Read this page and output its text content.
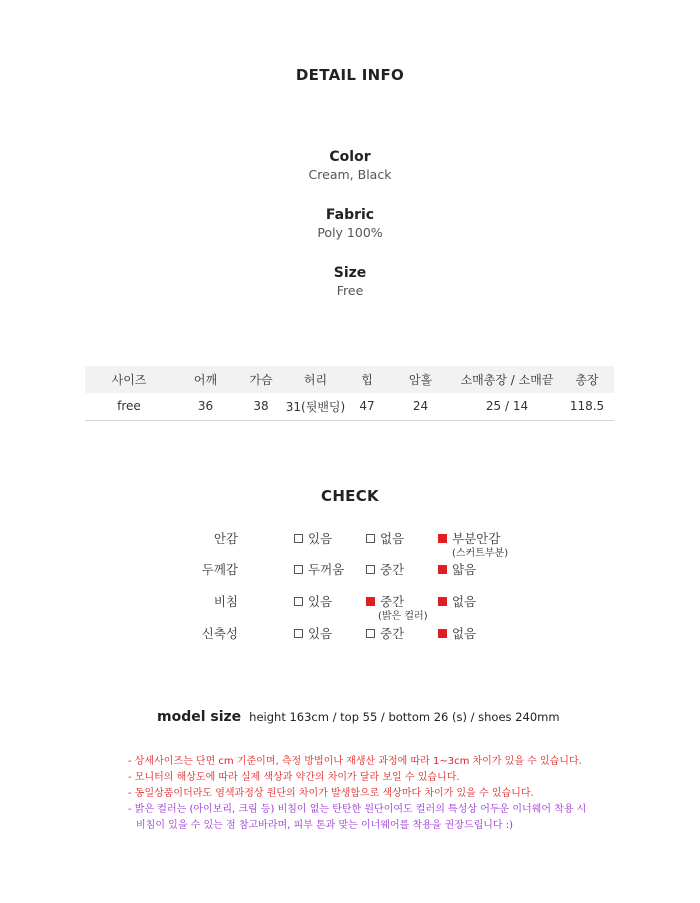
DETAIL INFO
Color
Cream, Black
Fabric
Poly 100%
Size
Free
사이즈	어깨	가슴	허리	힙	암홀	소매총장 / 소매끝	총장
free	36	38	31(뒷밴딩)	47	24	25 / 14	118.5
CHECK
안감	있음	없음	부분안감
(스커트부분)
두께감	두꺼움	중간	얇음
비침	있음	중간	없음
(밝은 컬러)
신축성	있음	중간	없음
model size height 163cm / top 55 / bottom 26 (s) / shoes 240mm
- 상세사이즈는 단면 cm 기준이며, 측정 방법이나 재생산 과정에 따라 1~3cm 차이가 있을 수 있습니다.
- 모니터의 해상도에 따라 실제 색상과 약간의 차이가 달라 보일 수 있습니다.
- 동일상품이더라도 염색과정상 원단의 차이가 발생함으로 색상마다 차이가 있을 수 있습니다.
- 밝은 컬러는 (아이보리, 크림 등) 비침이 없는 탄탄한 원단이여도 컬러의 특성상 어두운 이너웨어 착용 시
비침이 있을 수 있는 점 참고바라며, 피부 톤과 맞는 이너웨어를 착용을 권장드립니다 :)
